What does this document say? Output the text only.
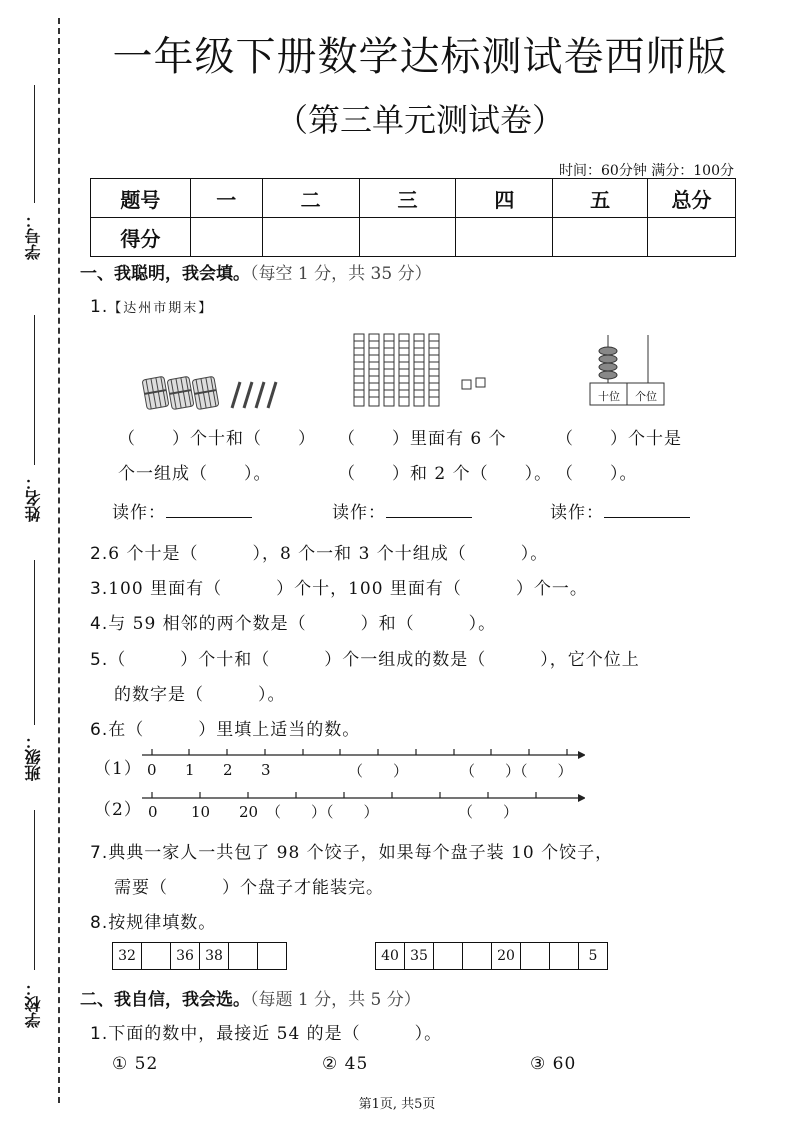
学号：
姓名：
班级：
学校：
一年级下册数学达标测试卷西师版
（第三单元测试卷）
时间：60分钟 满分：100分
题号	一	二	三	四	五	总分
得分						
一、我聪明，我会填。（每空 1 分，共 35 分）
1.【达州市期末】
十位	个位
（　　）个十和（　　） （　　）里面有 6 个	（　　）个十是
个一组成（　　）。	（　　）和 2 个（　　）。 （　　）。
读作：	读作：	读作：
2.6 个十是（　　　），8 个一和 3 个十组成（　　　）。
3.100 里面有（　　　）个十，100 里面有（　　　）个一。
4.与 59 相邻的两个数是（　　　）和（　　　）。
5.（　　　）个十和（　　　）个一组成的数是（　　　），它个位上
的数字是（　　　）。
6.在（　　　）里填上适当的数。
（1） 0 1 2 3	（　　）	（　　）（　　）
（2） 0 10 20 （　　）（　　）	（　　）
7.典典一家人一共包了 98 个饺子，如果每个盘子装 10 个饺子，
需要（　　　）个盘子才能装完。
8.按规律填数。
32		36	38			40	35			20			5
二、我自信，我会选。（每题 1 分，共 5 分）
1.下面的数中，最接近 54 的是（　　　）。
① 52	② 45	③ 60
第1页, 共5页
